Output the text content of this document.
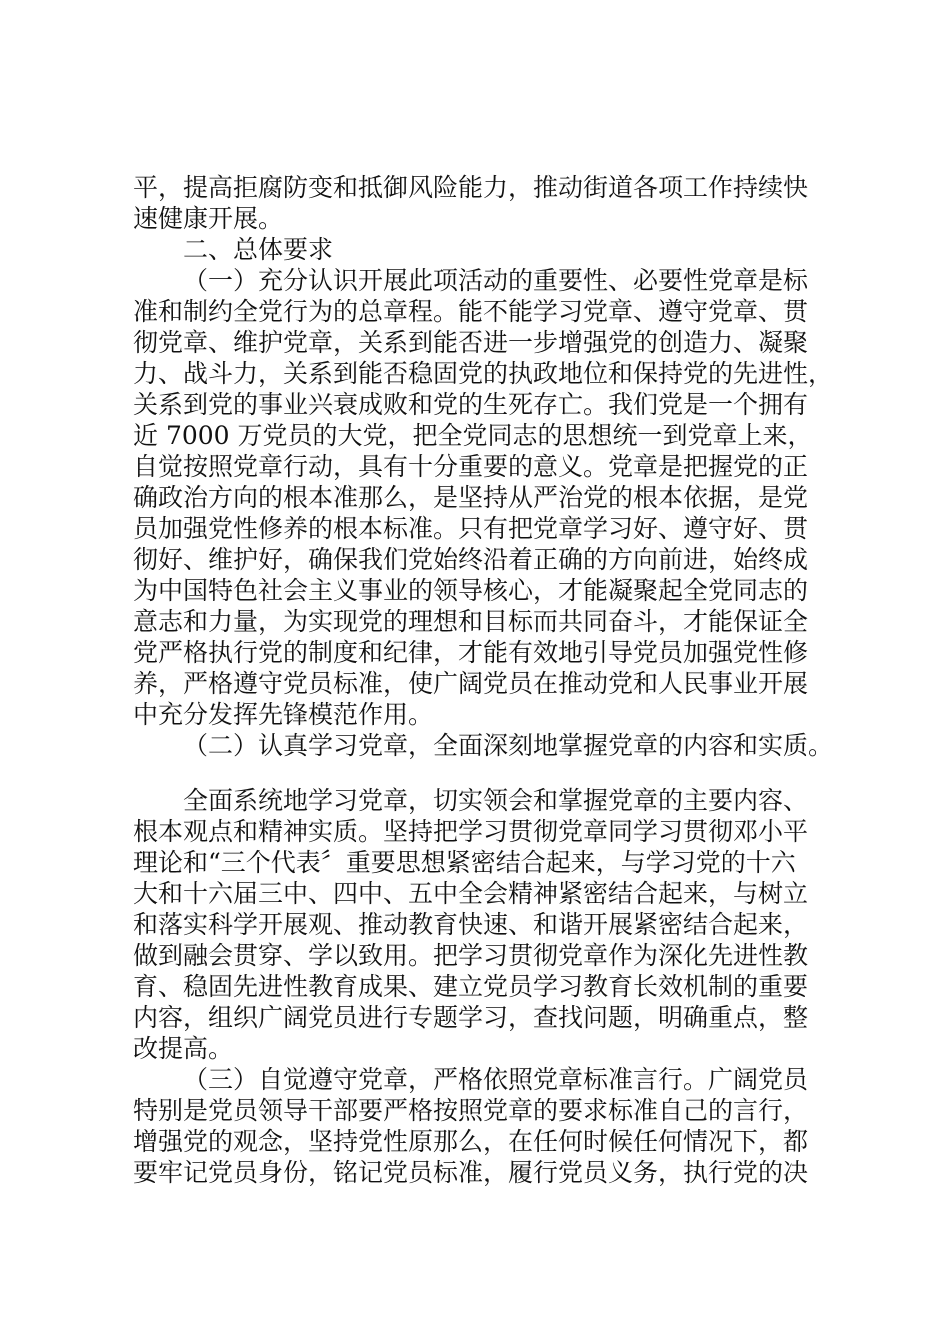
平，提高拒腐防变和抵御风险能力，推动街道各项工作持续快
速健康开展。
二、总体要求
（一）充分认识开展此项活动的重要性、必要性党章是标
准和制约全党行为的总章程。能不能学习党章、遵守党章、贯
彻党章、维护党章，关系到能否进一步增强党的创造力、凝聚
力、战斗力，关系到能否稳固党的执政地位和保持党的先进性，
关系到党的事业兴衰成败和党的生死存亡。我们党是一个拥有
近 7000 万党员的大党，把全党同志的思想统一到党章上来，
自觉按照党章行动，具有十分重要的意义。党章是把握党的正
确政治方向的根本准那么，是坚持从严治党的根本依据，是党
员加强党性修养的根本标准。只有把党章学习好、遵守好、贯
彻好、维护好，确保我们党始终沿着正确的方向前进，始终成
为中国特色社会主义事业的领导核心，才能凝聚起全党同志的
意志和力量，为实现党的理想和目标而共同奋斗，才能保证全
党严格执行党的制度和纪律，才能有效地引导党员加强党性修
养，严格遵守党员标准，使广阔党员在推动党和人民事业开展
中充分发挥先锋模范作用。
（二）认真学习党章，全面深刻地掌握党章的内容和实质。
全面系统地学习党章，切实领会和掌握党章的主要内容、
根本观点和精神实质。坚持把学习贯彻党章同学习贯彻邓小平
理论和“三个代表〞重要思想紧密结合起来，与学习党的十六
大和十六届三中、四中、五中全会精神紧密结合起来，与树立
和落实科学开展观、推动教育快速、和谐开展紧密结合起来，
做到融会贯穿、学以致用。把学习贯彻党章作为深化先进性教
育、稳固先进性教育成果、建立党员学习教育长效机制的重要
内容，组织广阔党员进行专题学习，查找问题，明确重点，整
改提高。
（三）自觉遵守党章，严格依照党章标准言行。广阔党员
特别是党员领导干部要严格按照党章的要求标准自己的言行，
增强党的观念，坚持党性原那么，在任何时候任何情况下，都
要牢记党员身份，铭记党员标准，履行党员义务，执行党的决
